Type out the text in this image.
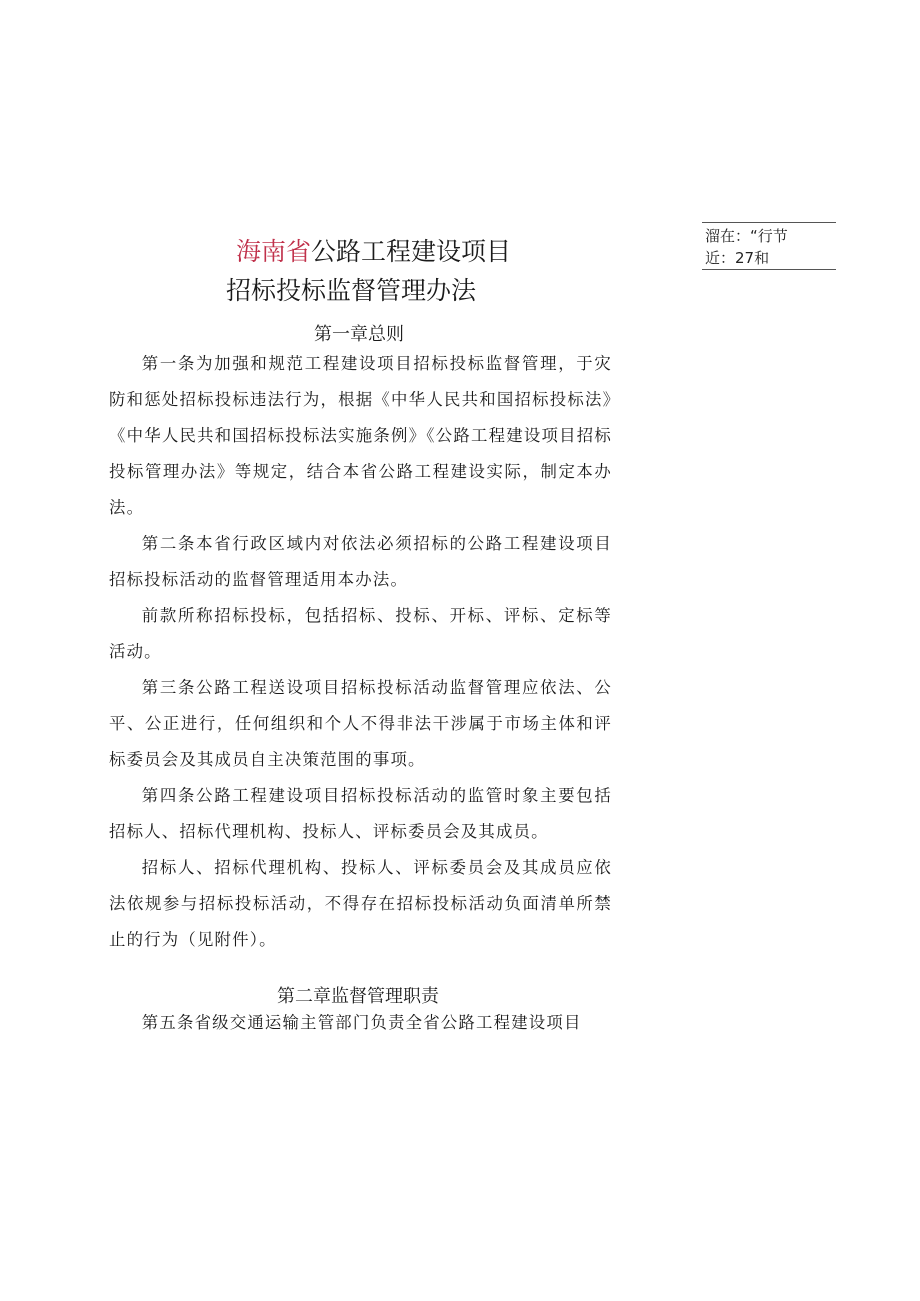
海南省公路工程建设项目
招标投标监督管理办法
溜在：“行节
近：27和
第一章总则

第一条为加强和规范工程建设项目招标投标监督管理，于灾防和惩处招标投标违法行为，根据《中华人民共和国招标投标法》《中华人民共和国招标投标法实施条例》《公路工程建设项目招标投标管理办法》等规定，结合本省公路工程建设实际，制定本办法。

第二条本省行政区域内对依法必须招标的公路工程建设项目招标投标活动的监督管理适用本办法。

前款所称招标投标，包括招标、投标、开标、评标、定标等活动。

第三条公路工程送设项目招标投标活动监督管理应依法、公平、公正进行，任何组织和个人不得非法干涉属于市场主体和评标委员会及其成员自主决策范围的事项。

第四条公路工程建设项目招标投标活动的监管时象主要包括招标人、招标代理机构、投标人、评标委员会及其成员。

招标人、招标代理机构、投标人、评标委员会及其成员应依法依规参与招标投标活动，不得存在招标投标活动负面清单所禁止的行为（见附件）。

第二章监督管理职责

第五条省级交通运输主管部门负责全省公路工程建设项目
